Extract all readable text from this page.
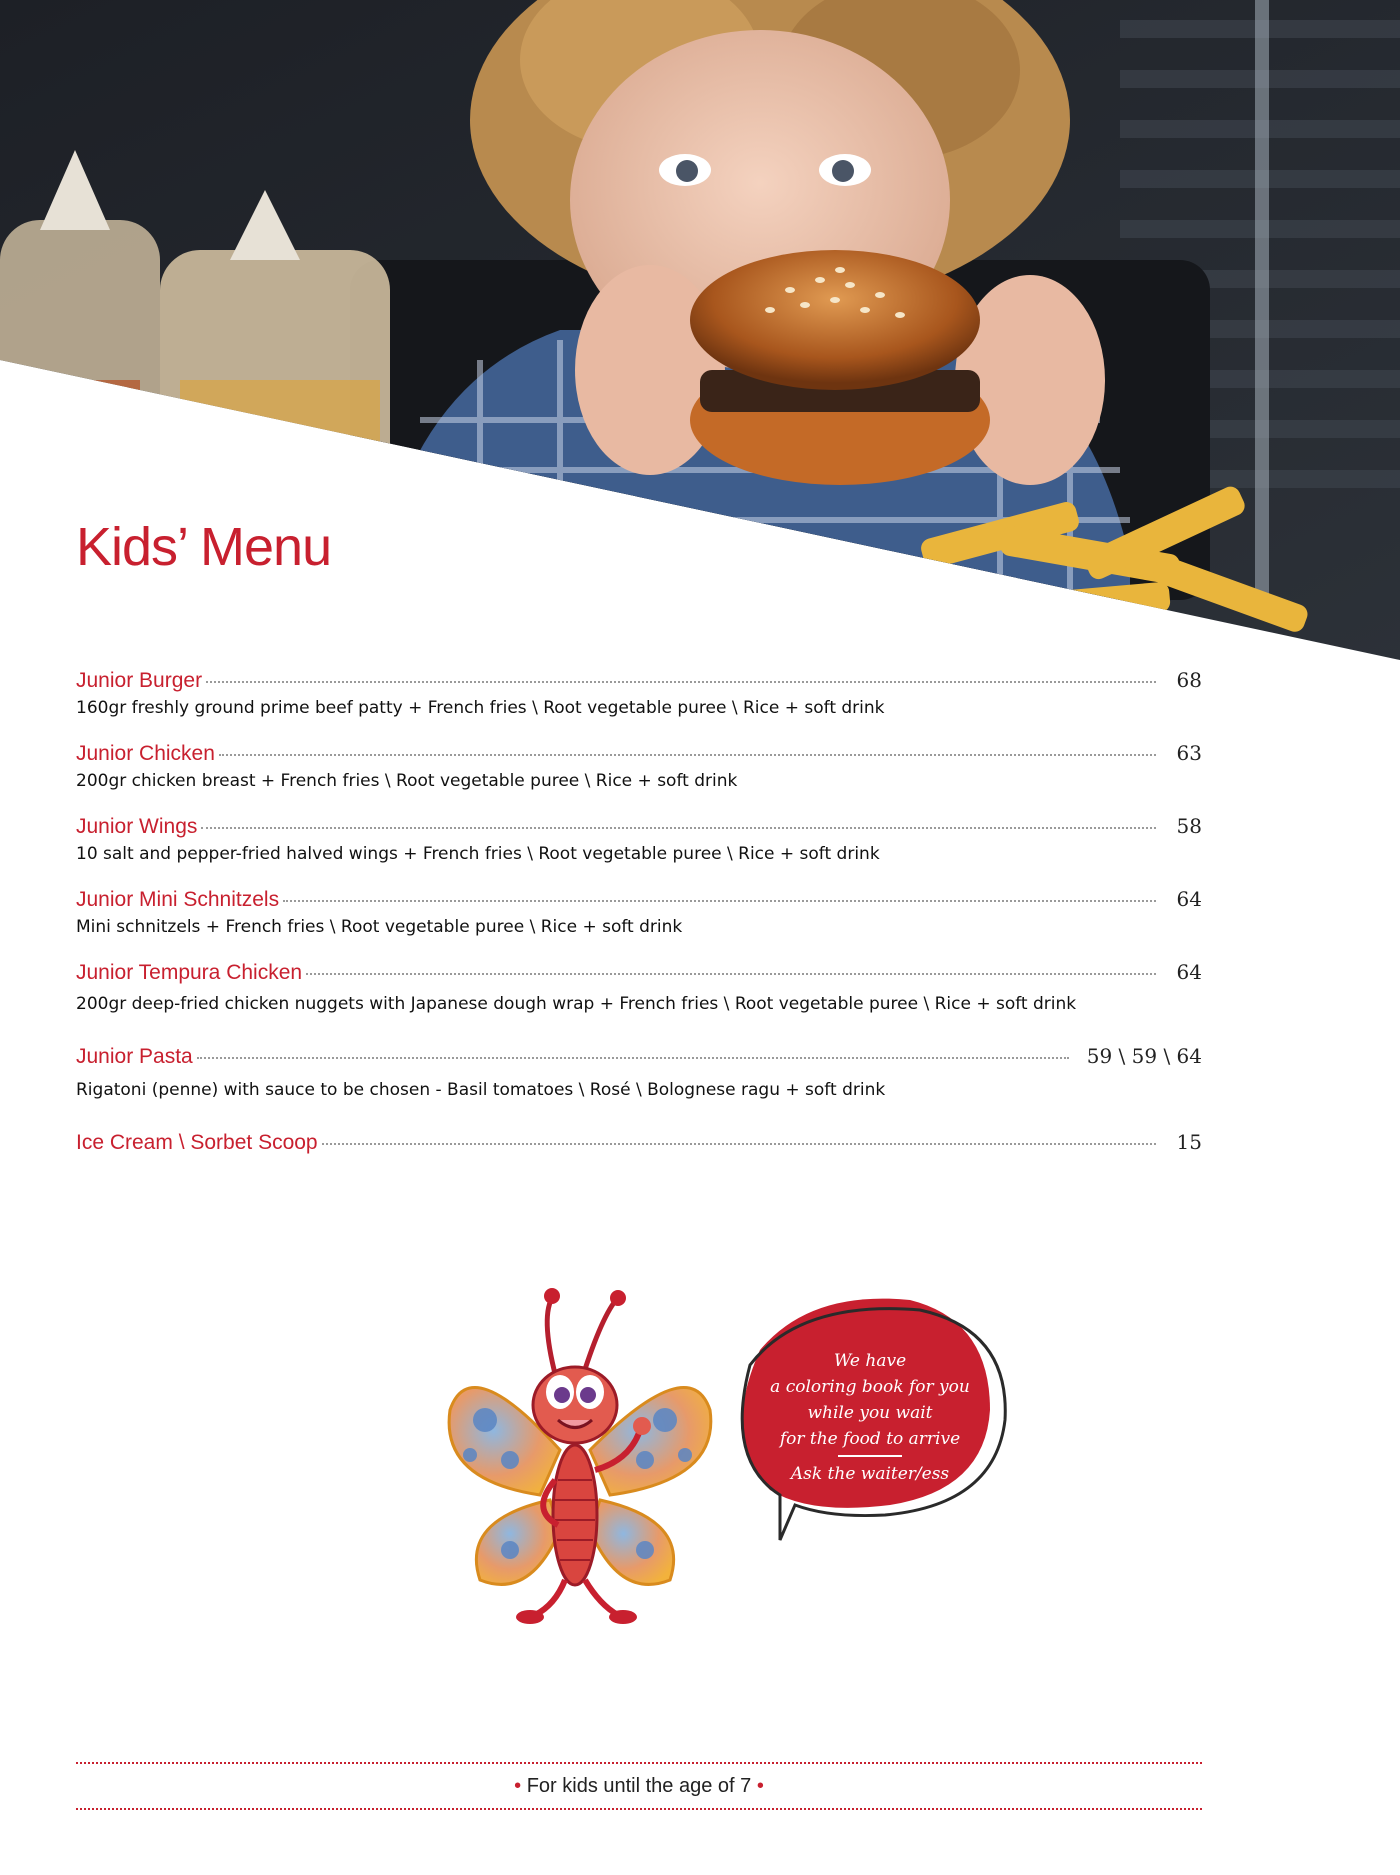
Kids’ Menu
Junior Burger	68
160gr freshly ground prime beef patty + French fries \ Root vegetable puree \ Rice + soft drink
Junior Chicken	63
200gr chicken breast + French fries \ Root vegetable puree \ Rice + soft drink
Junior Wings	58
10 salt and pepper-fried halved wings + French fries \ Root vegetable puree \ Rice + soft drink
Junior Mini Schnitzels	64
Mini schnitzels + French fries \ Root vegetable puree \ Rice + soft drink
Junior Tempura Chicken	64
200gr deep-fried chicken nuggets with Japanese dough wrap + French fries \ Root vegetable puree \ Rice + soft drink
Junior Pasta	59 \ 59 \ 64
Rigatoni (penne) with sauce to be chosen - Basil tomatoes \ Rosé \ Bolognese ragu + soft drink
Ice Cream \ Sorbet Scoop	15
We have
a coloring book for you
while you wait
for the food to arrive
Ask the waiter/ess
• For kids until the age of 7 •
